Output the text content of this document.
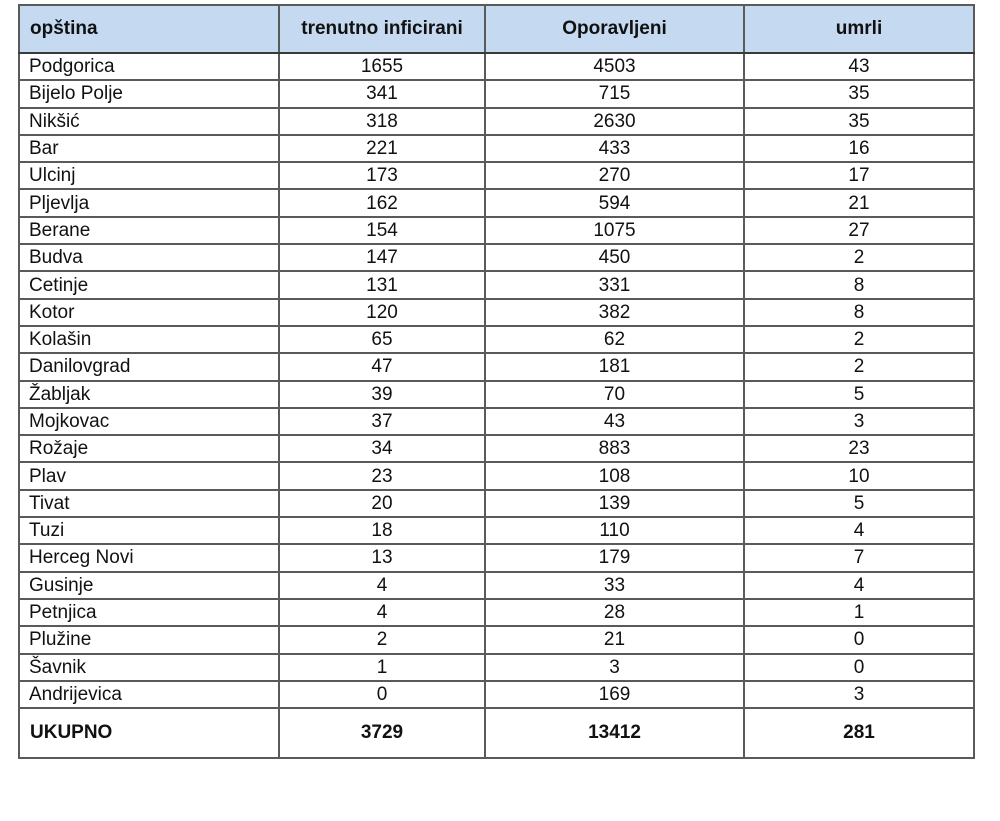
opština	trenutno inficirani	Oporavljeni	umrli
Podgorica	1655	4503	43
Bijelo Polje	341	715	35
Nikšić	318	2630	35
Bar	221	433	16
Ulcinj	173	270	17
Pljevlja	162	594	21
Berane	154	1075	27
Budva	147	450	2
Cetinje	131	331	8
Kotor	120	382	8
Kolašin	65	62	2
Danilovgrad	47	181	2
Žabljak	39	70	5
Mojkovac	37	43	3
Rožaje	34	883	23
Plav	23	108	10
Tivat	20	139	5
Tuzi	18	110	4
Herceg Novi	13	179	7
Gusinje	4	33	4
Petnjica	4	28	1
Plužine	2	21	0
Šavnik	1	3	0
Andrijevica	0	169	3
UKUPNO	3729	13412	281
